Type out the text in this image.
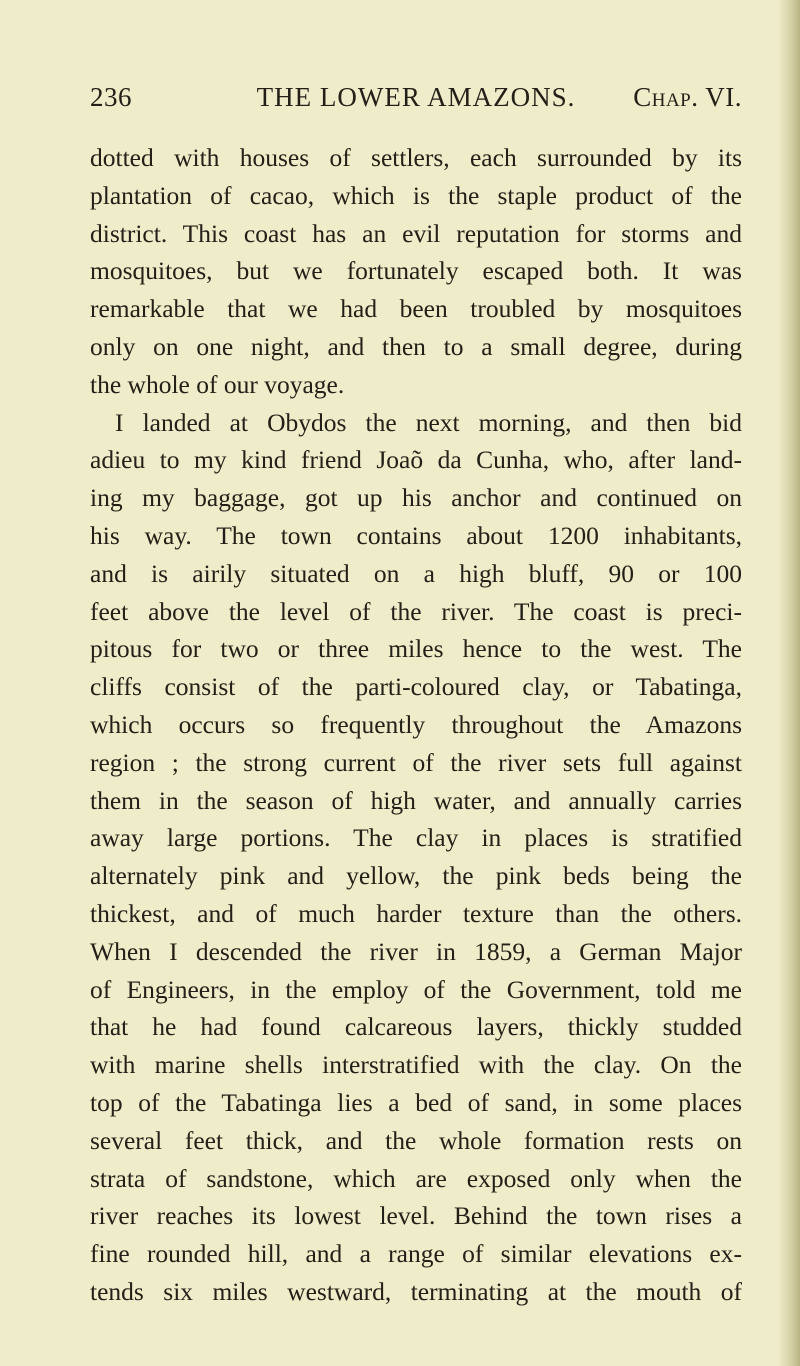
236	THE LOWER AMAZONS.	Chap. VI.
dotted with houses of settlers, each surrounded by its
plantation of cacao, which is the staple product of the
district. This coast has an evil reputation for storms and
mosquitoes, but we fortunately escaped both. It was
remarkable that we had been troubled by mosquitoes
only on one night, and then to a small degree, during
the whole of our voyage.
I landed at Obydos the next morning, and then bid
adieu to my kind friend Joaõ da Cunha, who, after land-
ing my baggage, got up his anchor and continued on
his way. The town contains about 1200 inhabitants,
and is airily situated on a high bluff, 90 or 100
feet above the level of the river. The coast is preci-
pitous for two or three miles hence to the west. The
cliffs consist of the parti-coloured clay, or Tabatinga,
which occurs so frequently throughout the Amazons
region ; the strong current of the river sets full against
them in the season of high water, and annually carries
away large portions. The clay in places is stratified
alternately pink and yellow, the pink beds being the
thickest, and of much harder texture than the others.
When I descended the river in 1859, a German Major
of Engineers, in the employ of the Government, told me
that he had found calcareous layers, thickly studded
with marine shells interstratified with the clay. On the
top of the Tabatinga lies a bed of sand, in some places
several feet thick, and the whole formation rests on
strata of sandstone, which are exposed only when the
river reaches its lowest level. Behind the town rises a
fine rounded hill, and a range of similar elevations ex-
tends six miles westward, terminating at the mouth of
